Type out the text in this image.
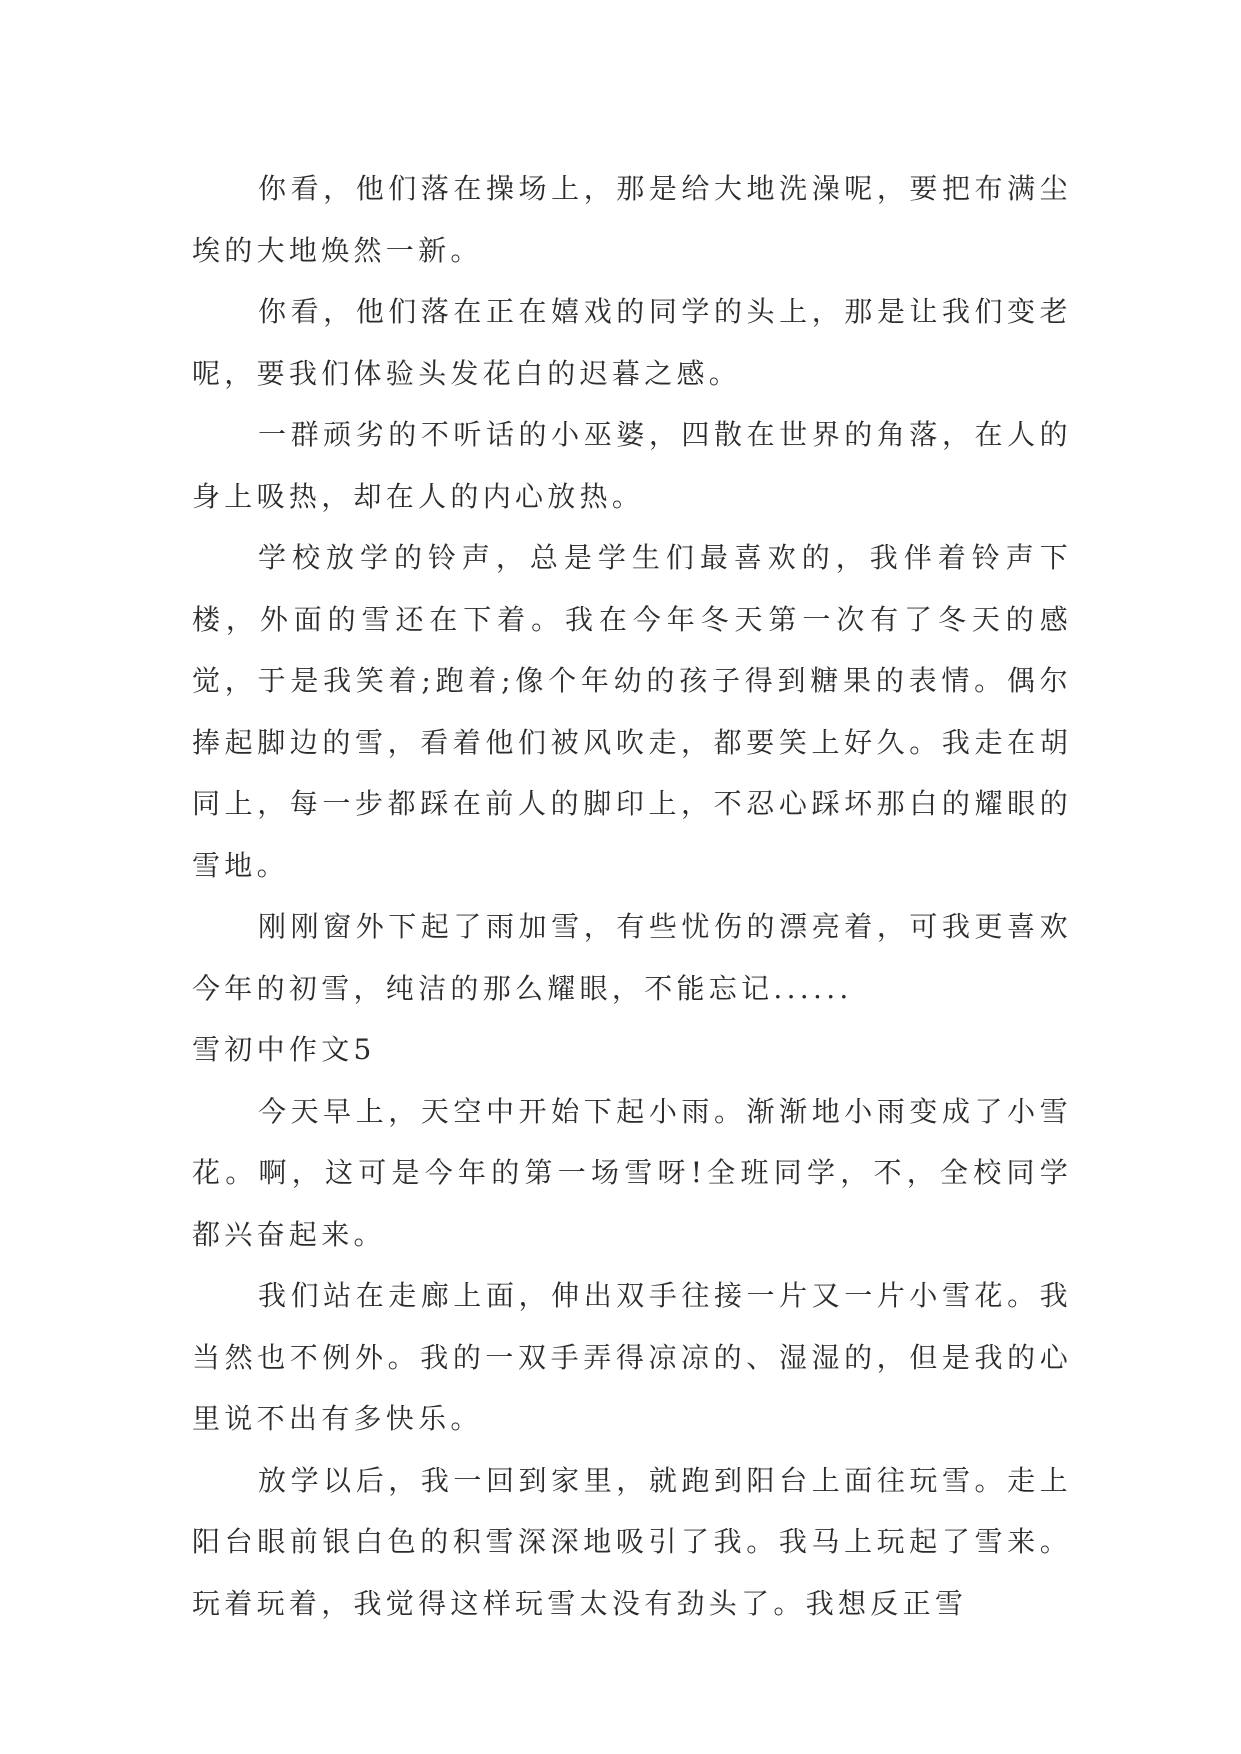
你看，他们落在操场上，那是给大地洗澡呢，要把布满尘埃的大地焕然一新。

你看，他们落在正在嬉戏的同学的头上，那是让我们变老呢，要我们体验头发花白的迟暮之感。

一群顽劣的不听话的小巫婆，四散在世界的角落，在人的身上吸热，却在人的内心放热。

学校放学的铃声，总是学生们最喜欢的，我伴着铃声下楼，外面的雪还在下着。我在今年冬天第一次有了冬天的感觉，于是我笑着;跑着;像个年幼的孩子得到糖果的表情。偶尔捧起脚边的雪，看着他们被风吹走，都要笑上好久。我走在胡同上，每一步都踩在前人的脚印上，不忍心踩坏那白的耀眼的雪地。

刚刚窗外下起了雨加雪，有些忧伤的漂亮着，可我更喜欢今年的初雪，纯洁的那么耀眼，不能忘记......

雪初中作文5

今天早上，天空中开始下起小雨。渐渐地小雨变成了小雪花。啊，这可是今年的第一场雪呀!全班同学，不，全校同学都兴奋起来。

我们站在走廊上面，伸出双手往接一片又一片小雪花。我当然也不例外。我的一双手弄得凉凉的、湿湿的，但是我的心里说不出有多快乐。

放学以后，我一回到家里，就跑到阳台上面往玩雪。走上阳台眼前银白色的积雪深深地吸引了我。我马上玩起了雪来。玩着玩着，我觉得这样玩雪太没有劲头了。我想反正雪
